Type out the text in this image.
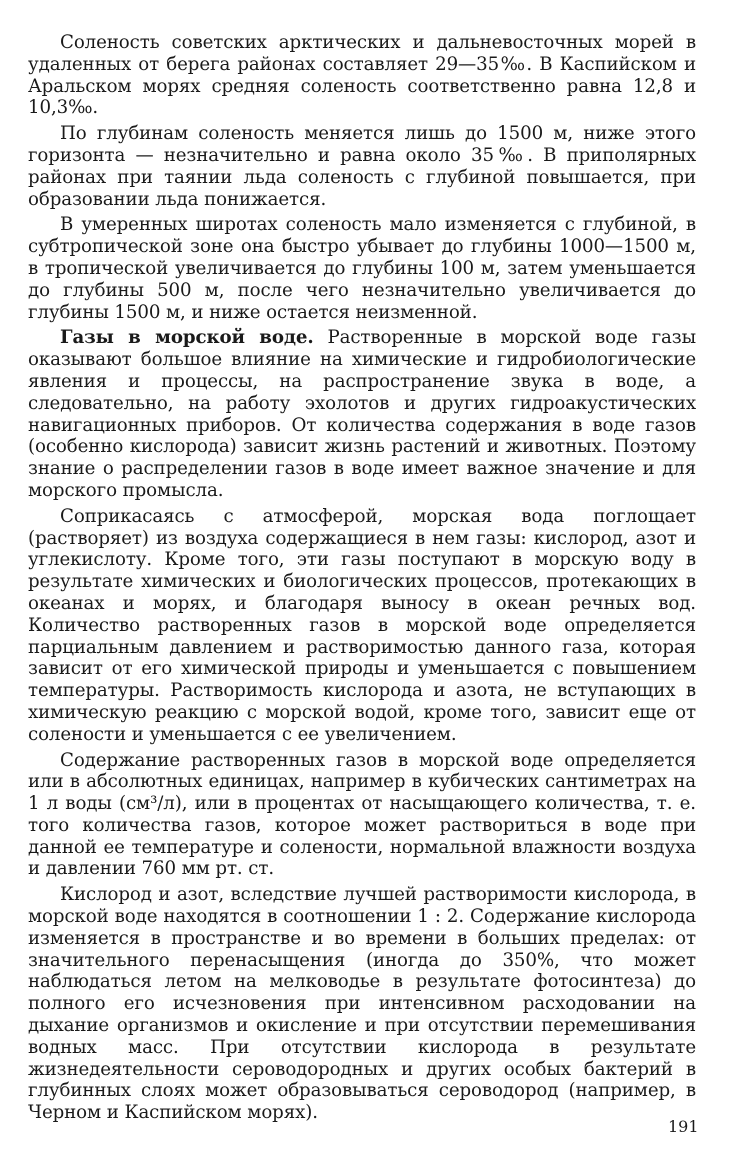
Соленость советских арктических и дальневосточных морей в удаленных от берега районах составляет 29—35‰. В Каспийском и Аральском морях средняя соленость соответственно равна 12,8 и 10,3‰.

По глубинам соленость меняется лишь до 1500 м, ниже этого горизонта — незначительно и равна около 35‰. В приполярных районах при таянии льда соленость с глубиной повышается, при образовании льда понижается.

В умеренных широтах соленость мало изменяется с глубиной, в субтропической зоне она быстро убывает до глубины 1000—1500 м, в тропической увеличивается до глубины 100 м, затем уменьшается до глубины 500 м, после чего незначительно увеличивается до глубины 1500 м, и ниже остается неизменной.

Газы в морской воде. Растворенные в морской воде газы оказывают большое влияние на химические и гидробиологические явления и процессы, на распространение звука в воде, а следовательно, на работу эхолотов и других гидроакустических навигационных приборов. От количества содержания в воде газов (особенно кислорода) зависит жизнь растений и животных. Поэтому знание о распределении газов в воде имеет важное значение и для морского промысла.

Соприкасаясь с атмосферой, морская вода поглощает (растворяет) из воздуха содержащиеся в нем газы: кислород, азот и углекислоту. Кроме того, эти газы поступают в морскую воду в результате химических и биологических процессов, протекающих в океанах и морях, и благодаря выносу в океан речных вод. Количество растворенных газов в морской воде определяется парциальным давлением и растворимостью данного газа, которая зависит от его химической природы и уменьшается с повышением температуры. Растворимость кислорода и азота, не вступающих в химическую реакцию с морской водой, кроме того, зависит еще от солености и уменьшается с ее увеличением.

Содержание растворенных газов в морской воде определяется или в абсолютных единицах, например в кубических сантиметрах на 1 л воды (см³/л), или в процентах от насыщающего количества, т. е. того количества газов, которое может раствориться в воде при данной ее температуре и солености, нормальной влажности воздуха и давлении 760 мм рт. ст.

Кислород и азот, вследствие лучшей растворимости кислорода, в морской воде находятся в соотношении 1 : 2. Содержание кислорода изменяется в пространстве и во времени в больших пределах: от значительного перенасыщения (иногда до 350%, что может наблюдаться летом на мелководье в результате фотосинтеза) до полного его исчезновения при интенсивном расходовании на дыхание организмов и окисление и при отсутствии перемешивания водных масс. При отсутствии кислорода в результате жизнедеятельности сероводородных и других особых бактерий в глубинных слоях может образовываться сероводород (например, в Черном и Каспийском морях).

191
